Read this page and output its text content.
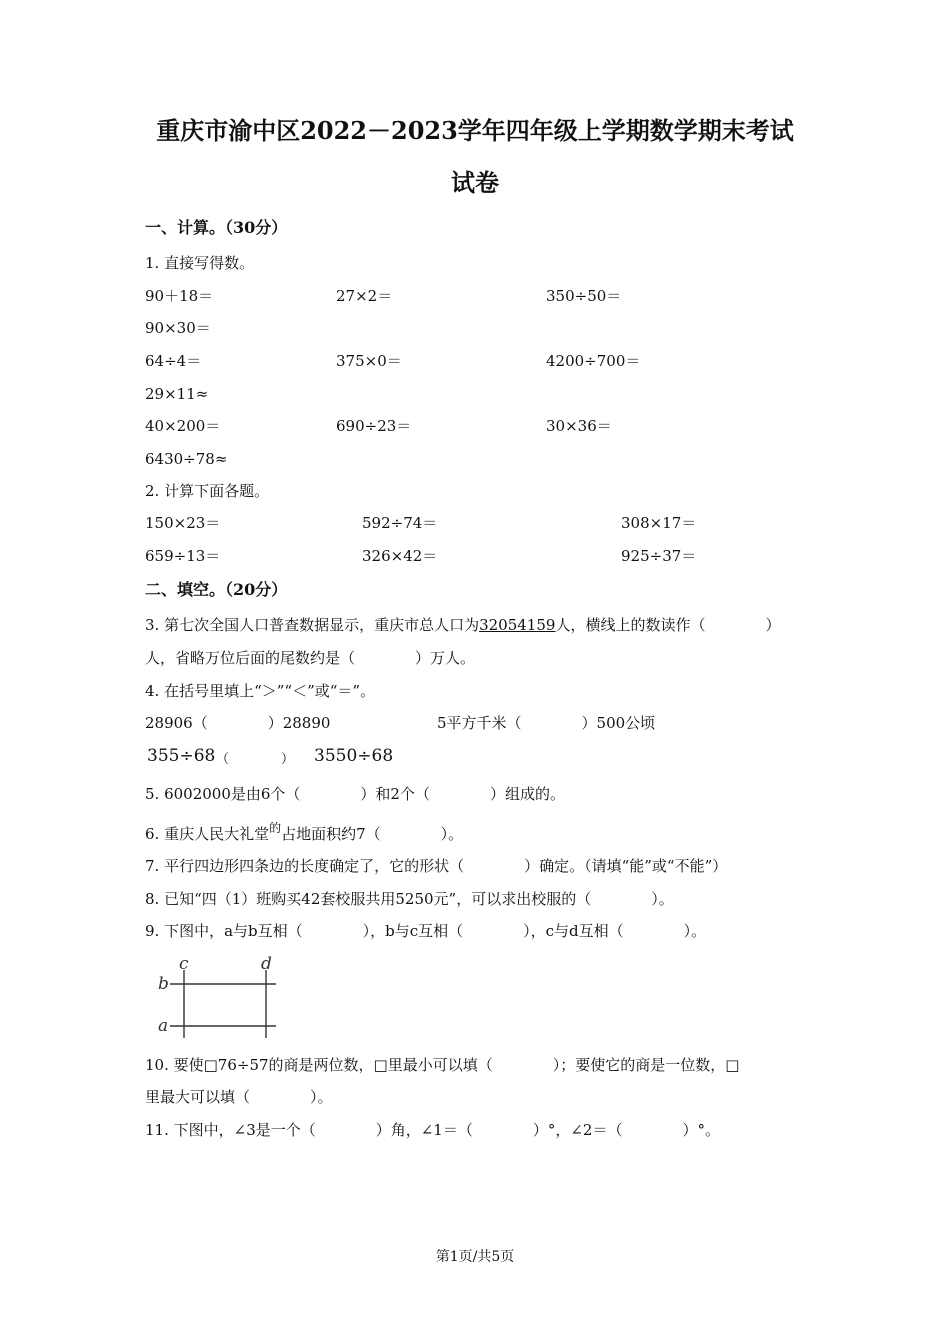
重庆市渝中区2022－2023学年四年级上学期数学期末考试
试卷
一、计算。（30分）
1. 直接写得数。
90＋18＝	27×2＝	350÷50＝
90×30＝
64÷4＝	375×0＝	4200÷700＝
29×11≈
40×200＝	690÷23＝	30×36＝
6430÷78≈
2. 计算下面各题。
150×23＝	592÷74＝	308×17＝
659÷13＝	326×42＝	925÷37＝
二、填空。（20分）
3. 第七次全国人口普查数据显示，重庆市总人口为32054159人，横线上的数读作（　　　　）
人，省略万位后面的尾数约是（　　　　）万人。
4. 在括号里填上“＞”“＜”或“＝”。
28906（　　　　）28890	5平方千米（　　　　）500公顷
355÷68 （　　　　） 3550÷68
5. 6002000是由6个（　　　　）和2个（　　　　）组成的。
6. 重庆人民大礼堂$^的$占地面积约7（　　　　）。
7. 平行四边形四条边的长度确定了，它的形状（　　　　）确定。（请填“能”或“不能”）
8. 已知“四（1）班购买42套校服共用5250元”，可以求出校服的（　　　　）。
9. 下图中，a与b互相（　　　　），b与c互相（　　　　），c与d互相（　　　　）。
c	d
b
a
10. 要使□76÷57的商是两位数，□里最小可以填（　　　　）；要使它的商是一位数，□
里最大可以填（　　　　）。
11. 下图中，∠3是一个（　　　　）角，∠1＝（　　　　）°，∠2＝（　　　　）°。
第1页/共5页
